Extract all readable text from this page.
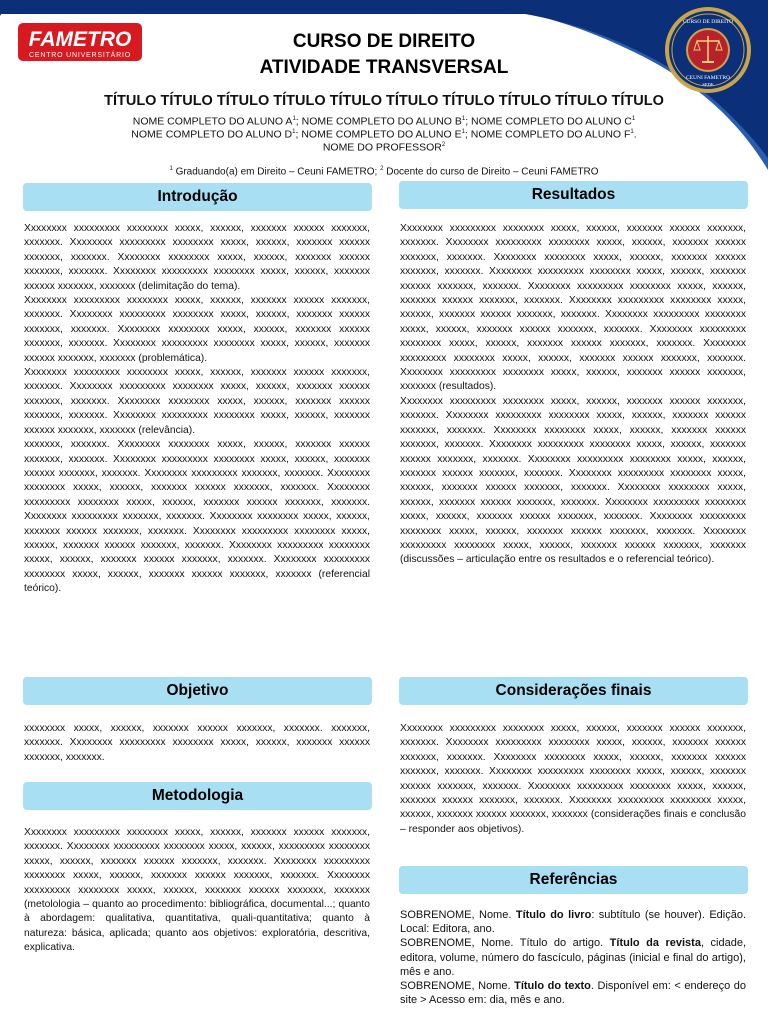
FAMETRO
CENTRO UNIVERSITÁRIO
CURSO DE DIREITO
CEUNI FAMETRO
SEDE
CURSO DE DIREITO
ATIVIDADE TRANSVERSAL
TÍTULO TÍTULO TÍTULO TÍTULO TÍTULO TÍTULO TÍTULO TÍTULO TÍTULO TÍTULO
NOME COMPLETO DO ALUNO $A^1$; NOME COMPLETO DO ALUNO $B^1$; NOME COMPLETO DO ALUNO $C^1$
NOME COMPLETO DO ALUNO $D^1$; NOME COMPLETO DO ALUNO $E^1$; NOME COMPLETO DO ALUNO $F^1$.
NOME DO PROFESSOR$^2$
$^1$ Graduando(a) em Direito – Ceuni FAMETRO; $^2$ Docente do curso de Direito – Ceuni FAMETRO
Introdução

Xxxxxxxx xxxxxxxxx xxxxxxxx xxxxx, xxxxxx, xxxxxxx xxxxxx xxxxxxx, xxxxxxx. Xxxxxxxx xxxxxxxxx xxxxxxxx xxxxx, xxxxxx, xxxxxxx xxxxxx xxxxxxx, xxxxxxx. Xxxxxxxx xxxxxxxx xxxxx, xxxxxx, xxxxxxx xxxxxx xxxxxxx, xxxxxxx. Xxxxxxxx xxxxxxxxx xxxxxxxx xxxxx, xxxxxx, xxxxxxx xxxxxx xxxxxxx, xxxxxxx (delimitação do tema).

Xxxxxxxx xxxxxxxxx xxxxxxxx xxxxx, xxxxxx, xxxxxxx xxxxxx xxxxxxx, xxxxxxx. Xxxxxxxx xxxxxxxxx xxxxxxxx xxxxx, xxxxxx, xxxxxxx xxxxxx xxxxxxx, xxxxxxx. Xxxxxxxx xxxxxxxx xxxxx, xxxxxx, xxxxxxx xxxxxx xxxxxxx, xxxxxxx. Xxxxxxxx xxxxxxxxx xxxxxxxx xxxxx, xxxxxx, xxxxxxx xxxxxx xxxxxxx, xxxxxxx (problemática).

Xxxxxxxx xxxxxxxxx xxxxxxxx xxxxx, xxxxxx, xxxxxxx xxxxxx xxxxxxx, xxxxxxx. Xxxxxxxx xxxxxxxxx xxxxxxxx xxxxx, xxxxxx, xxxxxxx xxxxxx xxxxxxx, xxxxxxx. Xxxxxxxx xxxxxxxx xxxxx, xxxxxx, xxxxxxx xxxxxx xxxxxxx, xxxxxxx. Xxxxxxxx xxxxxxxxx xxxxxxxx xxxxx, xxxxxx, xxxxxxx xxxxxx xxxxxxx, xxxxxxx (relevância).

xxxxxxx, xxxxxxx. Xxxxxxxx xxxxxxxx xxxxx, xxxxxx, xxxxxxx xxxxxx xxxxxxx, xxxxxxx. Xxxxxxxx xxxxxxxxx xxxxxxxx xxxxx, xxxxxx, xxxxxxx xxxxxx xxxxxxx, xxxxxxx. Xxxxxxxx xxxxxxxxx xxxxxxx, xxxxxxx. Xxxxxxxx xxxxxxxx xxxxx, xxxxxx, xxxxxxx xxxxxx xxxxxxx, xxxxxxx. Xxxxxxxx xxxxxxxxx xxxxxxxx xxxxx, xxxxxx, xxxxxxx xxxxxx xxxxxxx, xxxxxxx. Xxxxxxxx xxxxxxxxx xxxxxxx, xxxxxxx. Xxxxxxxx xxxxxxxx xxxxx, xxxxxx, xxxxxxx xxxxxx xxxxxxx, xxxxxxx. Xxxxxxxx xxxxxxxxx xxxxxxxx xxxxx, xxxxxx, xxxxxxx xxxxxx xxxxxxx, xxxxxxx. Xxxxxxxx xxxxxxxxx xxxxxxxx xxxxx, xxxxxx, xxxxxxx xxxxxx xxxxxxx, xxxxxxx. Xxxxxxxx xxxxxxxxx xxxxxxxx xxxxx, xxxxxx, xxxxxxx xxxxxx xxxxxxx, xxxxxxx (referencial teórico).

Objetivo

xxxxxxxx xxxxx, xxxxxx, xxxxxxx xxxxxx xxxxxxx, xxxxxxx. xxxxxxx, xxxxxxx. Xxxxxxxx xxxxxxxxx xxxxxxxx xxxxx, xxxxxx, xxxxxxx xxxxxx xxxxxxx, xxxxxxx.

Metodologia

Xxxxxxxx xxxxxxxxx xxxxxxxx xxxxx, xxxxxx, xxxxxxx xxxxxx xxxxxxx, xxxxxxx. Xxxxxxxx xxxxxxxxx xxxxxxxx xxxxx, xxxxxx, xxxxxxxxx xxxxxxxx xxxxx, xxxxxx, xxxxxxx xxxxxx xxxxxxx, xxxxxxx. Xxxxxxxx xxxxxxxxx xxxxxxxx xxxxx, xxxxxx, xxxxxxx xxxxxx xxxxxxx, xxxxxxx. Xxxxxxxx xxxxxxxxx xxxxxxxx xxxxx, xxxxxx, xxxxxxx xxxxxx xxxxxxx, xxxxxxx (metolologia – quanto ao procedimento: bibliográfica, documental...; quanto à abordagem: qualitativa, quantitativa, quali-quantitativa; quanto à natureza: básica, aplicada; quanto aos objetivos: exploratória, descritiva, explicativa.

Resultados

Xxxxxxxx xxxxxxxxx xxxxxxxx xxxxx, xxxxxx, xxxxxxx xxxxxx xxxxxxx, xxxxxxx. Xxxxxxxx xxxxxxxxx xxxxxxxx xxxxx, xxxxxx, xxxxxxx xxxxxx xxxxxxx, xxxxxxx. Xxxxxxxx xxxxxxxx xxxxx, xxxxxx, xxxxxxx xxxxxx xxxxxxx, xxxxxxx. Xxxxxxxx xxxxxxxxx xxxxxxxx xxxxx, xxxxxx, xxxxxxx xxxxxx xxxxxxx, xxxxxxx. Xxxxxxxx xxxxxxxxx xxxxxxxx xxxxx, xxxxxx, xxxxxxx xxxxxx xxxxxxx, xxxxxxx. Xxxxxxxx xxxxxxxxx xxxxxxxx xxxxx, xxxxxx, xxxxxxx xxxxxx xxxxxxx, xxxxxxx. Xxxxxxxx xxxxxxxxx xxxxxxxx xxxxx, xxxxxx, xxxxxxx xxxxxx xxxxxxx, xxxxxxx. Xxxxxxxx xxxxxxxxx xxxxxxxx xxxxx, xxxxxx, xxxxxxx xxxxxx xxxxxxx, xxxxxxx. Xxxxxxxx xxxxxxxxx xxxxxxxx xxxxx, xxxxxx, xxxxxxx xxxxxx xxxxxxx, xxxxxxx. Xxxxxxxx xxxxxxxxx xxxxxxxx xxxxx, xxxxxx, xxxxxxx xxxxxx xxxxxxx, xxxxxxx (resultados).

Xxxxxxxx xxxxxxxxx xxxxxxxx xxxxx, xxxxxx, xxxxxxx xxxxxx xxxxxxx, xxxxxxx. Xxxxxxxx xxxxxxxxx xxxxxxxx xxxxx, xxxxxx, xxxxxxx xxxxxx xxxxxxx, xxxxxxx. Xxxxxxxx xxxxxxxx xxxxx, xxxxxx, xxxxxxx xxxxxx xxxxxxx, xxxxxxx. Xxxxxxxx xxxxxxxxx xxxxxxxx xxxxx, xxxxxx, xxxxxxx xxxxxx xxxxxxx, xxxxxxx. Xxxxxxxx xxxxxxxxx xxxxxxxx xxxxx, xxxxxx, xxxxxxx xxxxxx xxxxxxx, xxxxxxx. Xxxxxxxx xxxxxxxxx xxxxxxxx xxxxx, xxxxxx, xxxxxxx xxxxxx xxxxxxx, xxxxxxx. Xxxxxxxx xxxxxxxx xxxxx, xxxxxx, xxxxxxx xxxxxx xxxxxxx, xxxxxxx. Xxxxxxxx xxxxxxxxx xxxxxxxx xxxxx, xxxxxx, xxxxxxx xxxxxx xxxxxxx, xxxxxxx. Xxxxxxxx xxxxxxxxx xxxxxxxx xxxxx, xxxxxx, xxxxxxx xxxxxx xxxxxxx, xxxxxxx. Xxxxxxxx xxxxxxxxx xxxxxxxx xxxxx, xxxxxx, xxxxxxx xxxxxx xxxxxxx, xxxxxxx (discussões – articulação entre os resultados e o referencial teórico).

Considerações finais

Xxxxxxxx xxxxxxxxx xxxxxxxx xxxxx, xxxxxx, xxxxxxx xxxxxx xxxxxxx, xxxxxxx. Xxxxxxxx xxxxxxxxx xxxxxxxx xxxxx, xxxxxx, xxxxxxx xxxxxx xxxxxxx, xxxxxxx. Xxxxxxxx xxxxxxxx xxxxx, xxxxxx, xxxxxxx xxxxxx xxxxxxx, xxxxxxx. Xxxxxxxx xxxxxxxxx xxxxxxxx xxxxx, xxxxxx, xxxxxxx xxxxxx xxxxxxx, xxxxxxx. Xxxxxxxx xxxxxxxxx xxxxxxxx xxxxx, xxxxxx, xxxxxxx xxxxxx xxxxxxx, xxxxxxx. Xxxxxxxx xxxxxxxxx xxxxxxxx xxxxx, xxxxxx, xxxxxxx xxxxxx xxxxxxx, xxxxxxx (considerações finais e conclusão – responder aos objetivos).

Referências

SOBRENOME, Nome. Título do livro: subtítulo (se houver). Edição. Local: Editora, ano.

SOBRENOME, Nome. Título do artigo. Título da revista, cidade, editora, volume, número do fascículo, páginas (inicial e final do artigo), mês e ano.

SOBRENOME, Nome. Título do texto. Disponível em: < endereço do site > Acesso em: dia, mês e ano.
